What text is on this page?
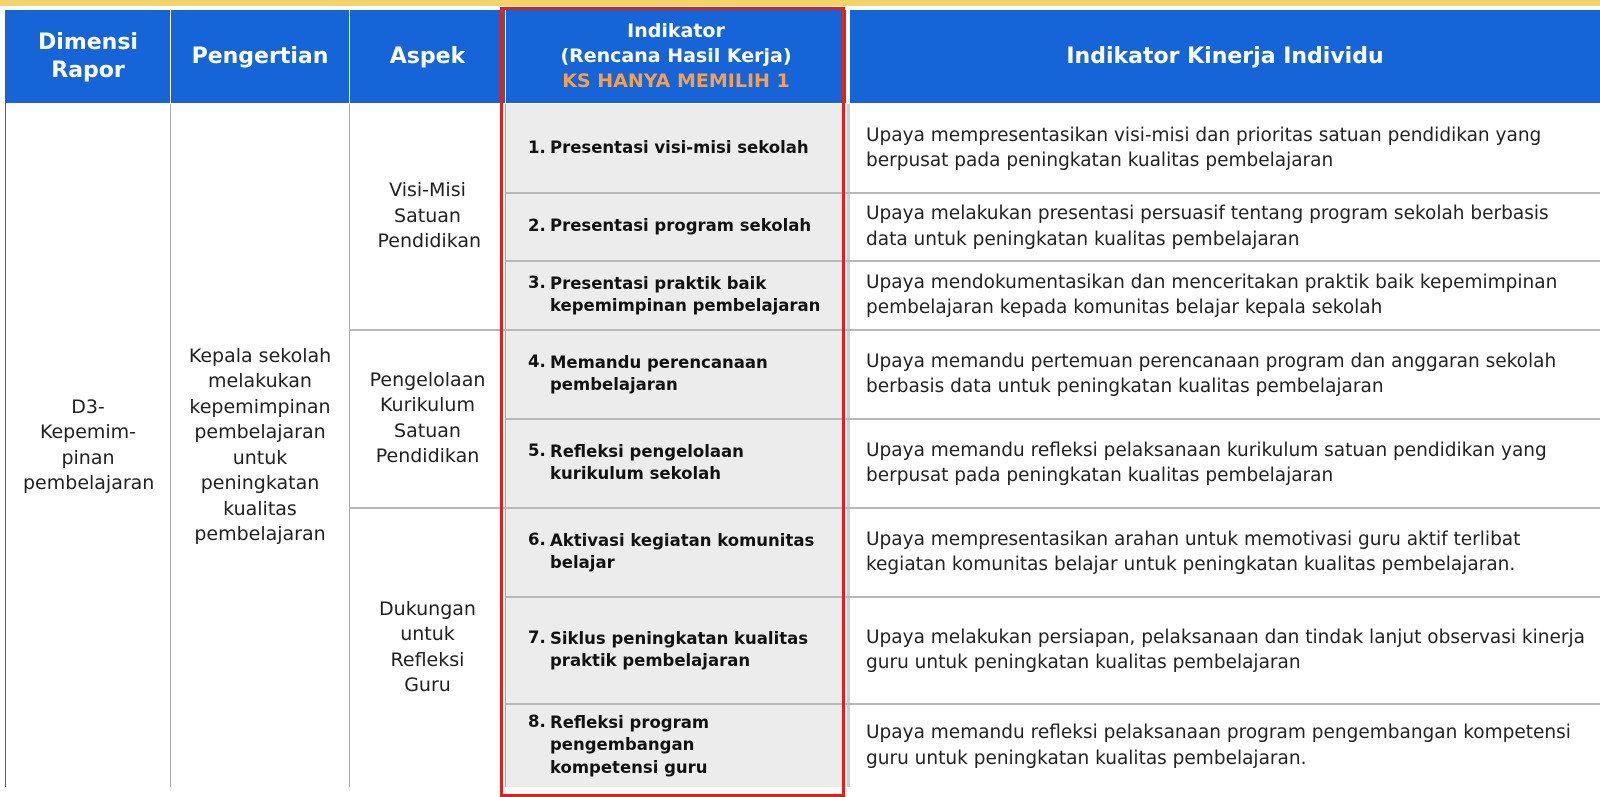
Dimensi Rapor
Pengertian	Aspek
Indikator
(Rencana Hasil Kerja)
KS HANYA MEMILIH 1
Indikator Kinerja Individu
D3- Kepemim-pinan pembelajaran
Kepala sekolah melakukan kepemimpinan pembelajaran untuk peningkatan kualitas pembelajaran
Visi-Misi Satuan Pendidikan
Pengelolaan Kurikulum Satuan Pendidikan
Dukungan untuk Refleksi Guru
1. Presentasi visi-misi sekolah
2. Presentasi program sekolah
3. Presentasi praktik baik kepemimpinan pembelajaran
4. Memandu perencanaan pembelajaran
5. Refleksi pengelolaan kurikulum sekolah
6. Aktivasi kegiatan komunitas belajar
7. Siklus peningkatan kualitas praktik pembelajaran
8. Refleksi program pengembangan kompetensi guru
Upaya mempresentasikan visi-misi dan prioritas satuan pendidikan yang berpusat pada peningkatan kualitas pembelajaran
Upaya melakukan presentasi persuasif tentang program sekolah berbasis data untuk peningkatan kualitas pembelajaran
Upaya mendokumentasikan dan menceritakan praktik baik kepemimpinan pembelajaran kepada komunitas belajar kepala sekolah
Upaya memandu pertemuan perencanaan program dan anggaran sekolah berbasis data untuk peningkatan kualitas pembelajaran
Upaya memandu refleksi pelaksanaan kurikulum satuan pendidikan yang berpusat pada peningkatan kualitas pembelajaran
Upaya mempresentasikan arahan untuk memotivasi guru aktif terlibat kegiatan komunitas belajar untuk peningkatan kualitas pembelajaran.
Upaya melakukan persiapan, pelaksanaan dan tindak lanjut observasi kinerja guru untuk peningkatan kualitas pembelajaran
Upaya memandu refleksi pelaksanaan program pengembangan kompetensi guru untuk peningkatan kualitas pembelajaran.
